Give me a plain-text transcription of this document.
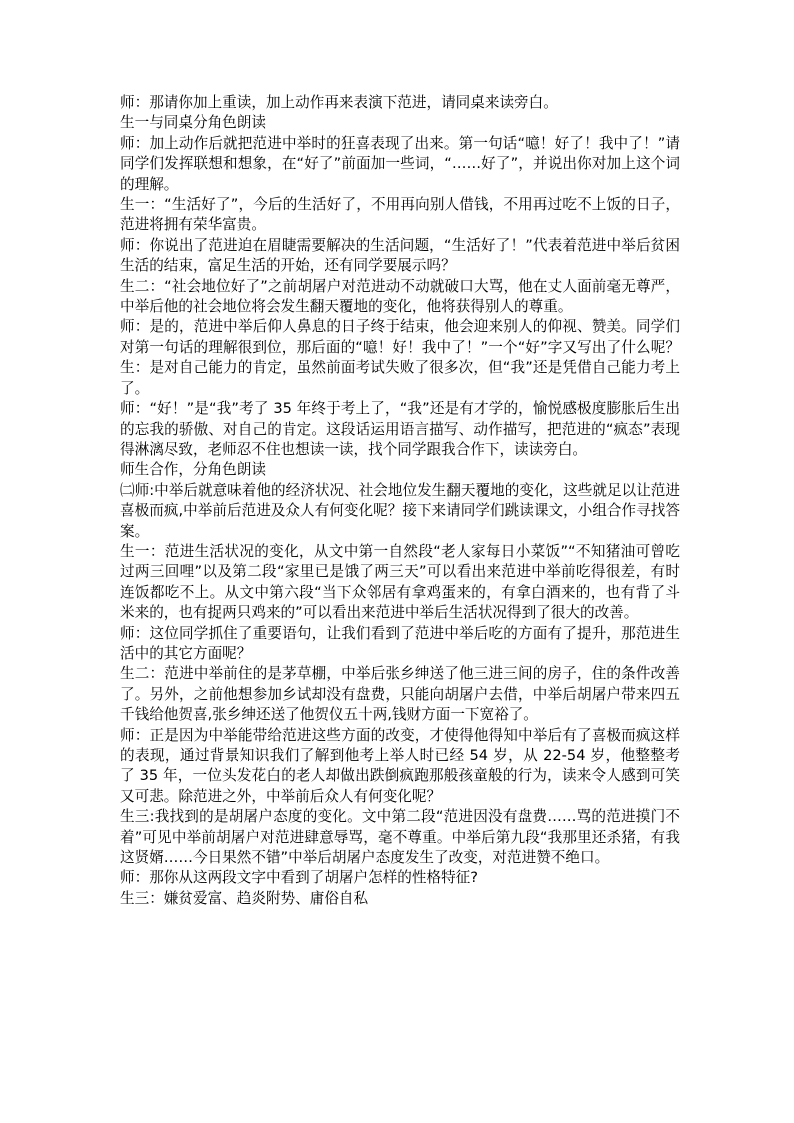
师：那请你加上重读，加上动作再来表演下范进，请同桌来读旁白。

生一与同桌分角色朗读

师：加上动作后就把范进中举时的狂喜表现了出来。第一句话“噫！好了！我中了！”请同学们发挥联想和想象，在“好了”前面加一些词，“……好了”，并说出你对加上这个词的理解。

生一：“生活好了”，今后的生活好了，不用再向别人借钱，不用再过吃不上饭的日子，范进将拥有荣华富贵。

师：你说出了范进迫在眉睫需要解决的生活问题，“生活好了！”代表着范进中举后贫困生活的结束，富足生活的开始，还有同学要展示吗？

生二：“社会地位好了”之前胡屠户对范进动不动就破口大骂，他在丈人面前毫无尊严，中举后他的社会地位将会发生翻天覆地的变化，他将获得别人的尊重。

师：是的，范进中举后仰人鼻息的日子终于结束，他会迎来别人的仰视、赞美。同学们对第一句话的理解很到位，那后面的“噫！好！我中了！”一个“好”字又写出了什么呢？生：是对自己能力的肯定，虽然前面考试失败了很多次，但“我”还是凭借自己能力考上了。

师：“好！”是“我”考了 35 年终于考上了，“我”还是有才学的，愉悦感极度膨胀后生出的忘我的骄傲、对自己的肯定。这段话运用语言描写、动作描写，把范进的“疯态”表现得淋漓尽致，老师忍不住也想读一读，找个同学跟我合作下，读读旁白。

师生合作，分角色朗读

㈡师:中举后就意味着他的经济状况、社会地位发生翻天覆地的变化，这些就足以让范进喜极而疯,中举前后范进及众人有何变化呢？接下来请同学们跳读课文，小组合作寻找答案。

生一：范进生活状况的变化，从文中第一自然段“老人家每日小菜饭”“不知猪油可曾吃过两三回哩”以及第二段“家里已是饿了两三天”可以看出来范进中举前吃得很差，有时连饭都吃不上。从文中第六段“当下众邻居有拿鸡蛋来的，有拿白酒来的，也有背了斗米来的，也有捉两只鸡来的”可以看出来范进中举后生活状况得到了很大的改善。

师：这位同学抓住了重要语句，让我们看到了范进中举后吃的方面有了提升，那范进生活中的其它方面呢？

生二：范进中举前住的是茅草棚，中举后张乡绅送了他三进三间的房子，住的条件改善了。另外，之前他想参加乡试却没有盘费，只能向胡屠户去借，中举后胡屠户带来四五千钱给他贺喜,张乡绅还送了他贺仪五十两,钱财方面一下宽裕了。

师：正是因为中举能带给范进这些方面的改变，才使得他得知中举后有了喜极而疯这样的表现，通过背景知识我们了解到他考上举人时已经 54 岁，从 22-54 岁，他整整考了 35 年，一位头发花白的老人却做出跌倒疯跑那般孩童般的行为，读来令人感到可笑又可悲。除范进之外，中举前后众人有何变化呢？

生三:我找到的是胡屠户态度的变化。文中第二段“范进因没有盘费……骂的范进摸门不着”可见中举前胡屠户对范进肆意辱骂，毫不尊重。中举后第九段“我那里还杀猪，有我这贤婿……今日果然不错”中举后胡屠户态度发生了改变，对范进赞不绝口。

师：那你从这两段文字中看到了胡屠户怎样的性格特征?

生三：嫌贫爱富、趋炎附势、庸俗自私
